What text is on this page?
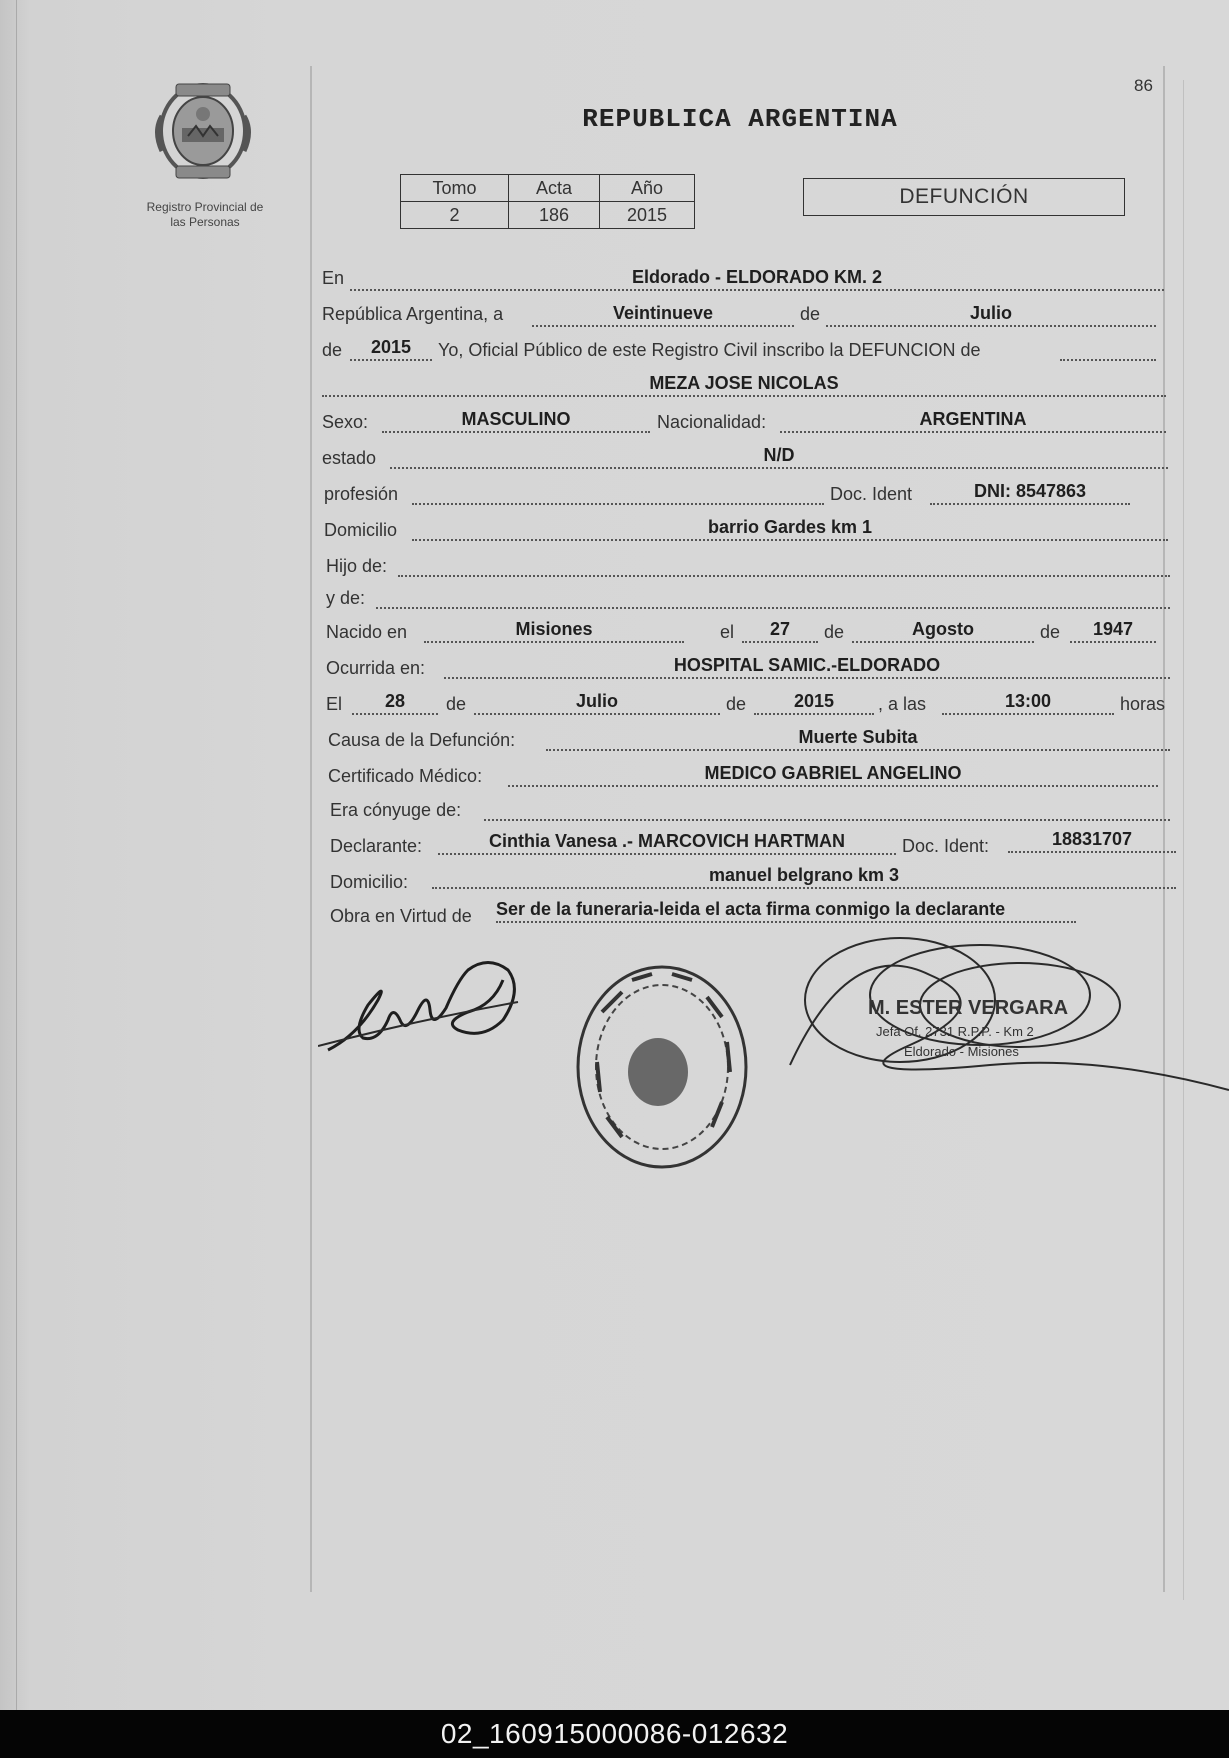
Registro Provincial de
las Personas
86
REPUBLICA ARGENTINA
Tomo	Acta	Año
2	186	2015
DEFUNCIÓN
En	Eldorado - ELDORADO KM. 2
República Argentina, a	Veintinueve	de	Julio
de	2015	Yo, Oficial Público de este Registro Civil inscribo la DEFUNCION de
MEZA JOSE NICOLAS
Sexo:	MASCULINO	Nacionalidad:	ARGENTINA
estado	N/D
profesión	Doc. Ident	DNI: 8547863
Domicilio	barrio Gardes km 1
Hijo de:
y de:
Nacido en	Misiones	el	27	de	Agosto	de	1947
Ocurrida en:	HOSPITAL SAMIC.-ELDORADO
El	28	de	Julio	de	2015	, a las	13:00	horas
Causa de la Defunción:	Muerte Subita
Certificado Médico:	MEDICO GABRIEL ANGELINO
Era cónyuge de:
Declarante:	Cinthia Vanesa .- MARCOVICH HARTMAN	Doc. Ident:	18831707
Domicilio:	manuel belgrano km 3
Obra en Virtud de Ser de la funeraria-leida el acta firma conmigo la declarante
M. ESTER VERGARA
Jefa Of. 2731 R.P.P. - Km 2
Eldorado - Misiones
02_160915000086-012632
